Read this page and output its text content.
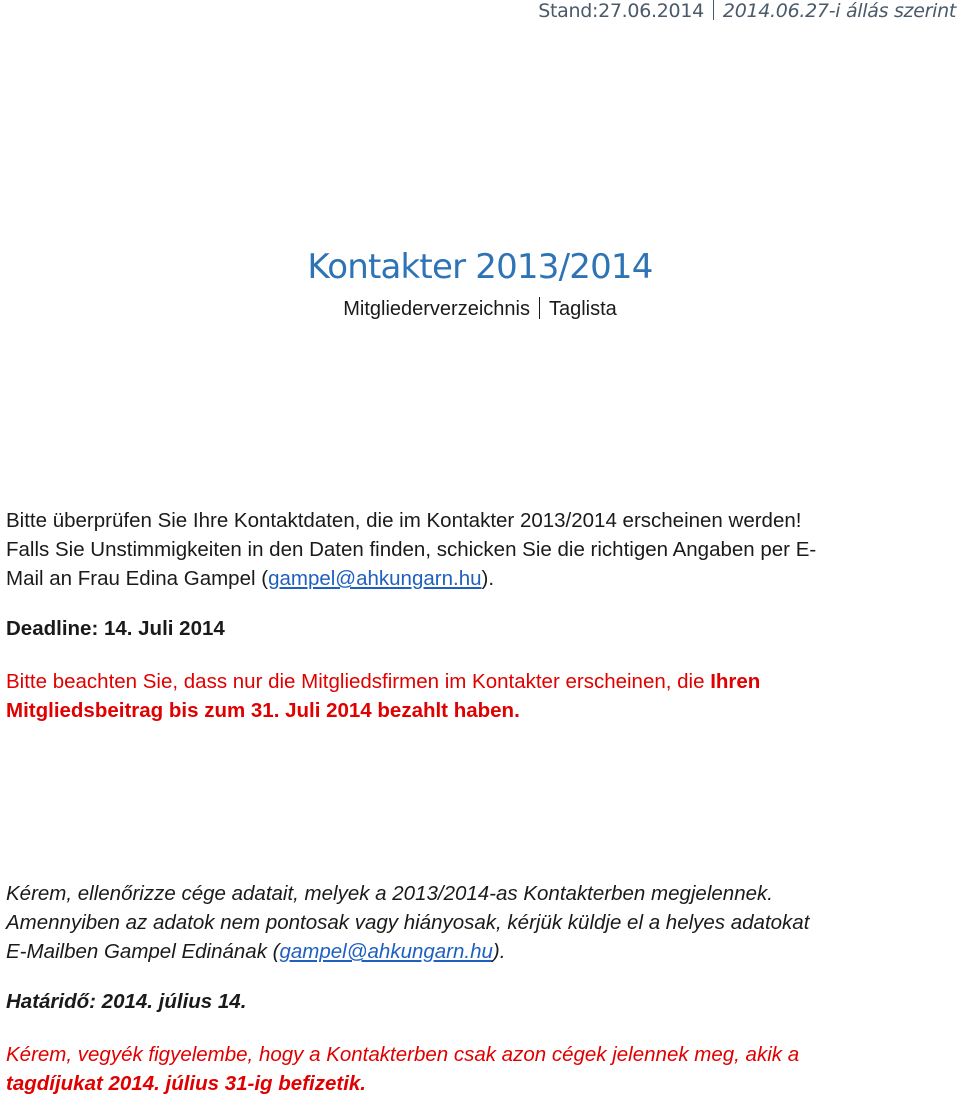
Stand:27.06.2014 2014.06.27-i állás szerint
Kontakter 2013/2014
Mitgliederverzeichnis Taglista
Bitte überprüfen Sie Ihre Kontaktdaten, die im Kontakter 2013/2014 erscheinen werden!
Falls Sie Unstimmigkeiten in den Daten finden, schicken Sie die richtigen Angaben per E-
Mail an Frau Edina Gampel (gampel@ahkungarn.hu).
Deadline: 14. Juli 2014
Bitte beachten Sie, dass nur die Mitgliedsfirmen im Kontakter erscheinen, die Ihren
Mitgliedsbeitrag bis zum 31. Juli 2014 bezahlt haben.
Kérem, ellenőrizze cége adatait, melyek a 2013/2014-as Kontakterben megjelennek.
Amennyiben az adatok nem pontosak vagy hiányosak, kérjük küldje el a helyes adatokat
E-Mailben Gampel Edinának (gampel@ahkungarn.hu).
Határidő: 2014. július 14.
Kérem, vegyék figyelembe, hogy a Kontakterben csak azon cégek jelennek meg, akik a
tagdíjukat 2014. július 31-ig befizetik.
